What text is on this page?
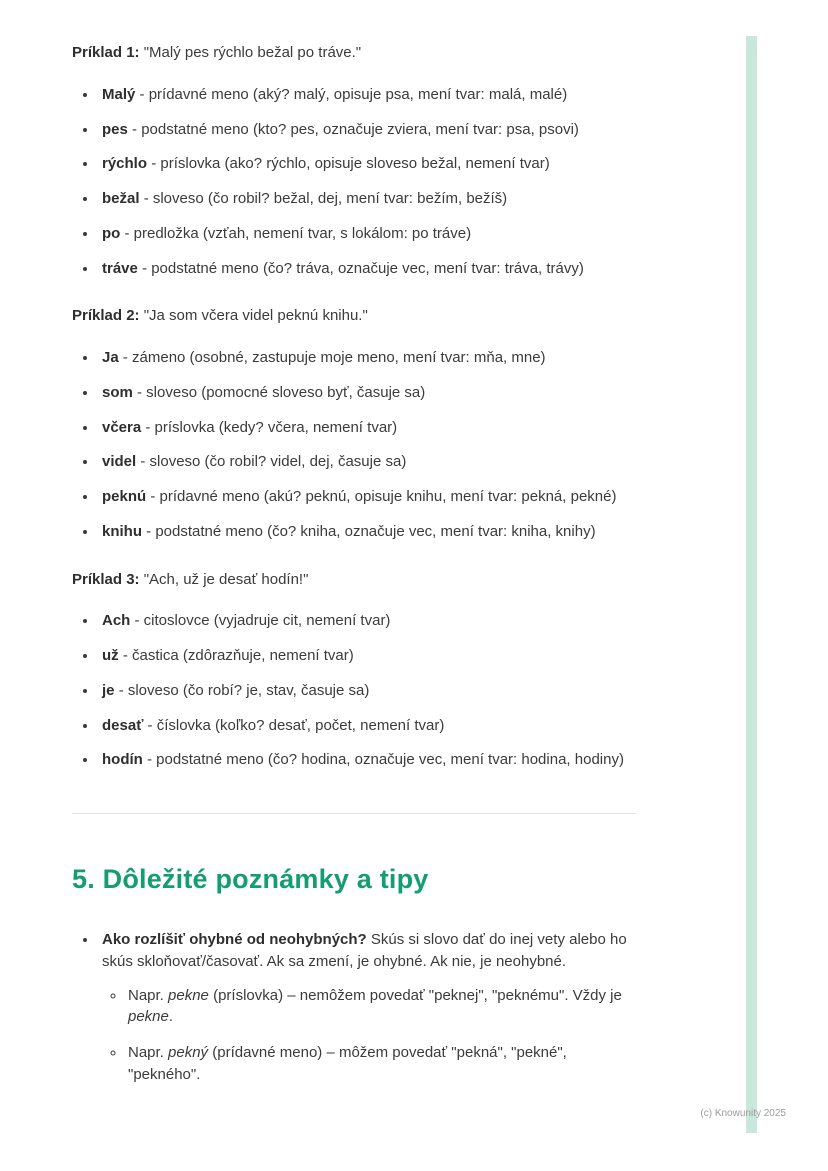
Príklad 1: "Malý pes rýchlo bežal po tráve."

• Malý - prídavné meno (aký? malý, opisuje psa, mení tvar: malá, malé)
• pes - podstatné meno (kto? pes, označuje zviera, mení tvar: psa, psovi)
• rýchlo - príslovka (ako? rýchlo, opisuje sloveso bežal, nemení tvar)
• bežal - sloveso (čo robil? bežal, dej, mení tvar: bežím, bežíš)
• po - predložka (vzťah, nemení tvar, s lokálom: po tráve)
• tráve - podstatné meno (čo? tráva, označuje vec, mení tvar: tráva, trávy)

Príklad 2: "Ja som včera videl peknú knihu."

• Ja - zámeno (osobné, zastupuje moje meno, mení tvar: mňa, mne)
• som - sloveso (pomocné sloveso byť, časuje sa)
• včera - príslovka (kedy? včera, nemení tvar)
• videl - sloveso (čo robil? videl, dej, časuje sa)
• peknú - prídavné meno (akú? peknú, opisuje knihu, mení tvar: pekná, pekné)
• knihu - podstatné meno (čo? kniha, označuje vec, mení tvar: kniha, knihy)

Príklad 3: "Ach, už je desať hodín!"

• Ach - citoslovce (vyjadruje cit, nemení tvar)
• už - častica (zdôrazňuje, nemení tvar)
• je - sloveso (čo robí? je, stav, časuje sa)
• desať - číslovka (koľko? desať, počet, nemení tvar)
• hodín - podstatné meno (čo? hodina, označuje vec, mení tvar: hodina, hodiny)
5. Dôležité poznámky a tipy
• Ako rozlíšiť ohybné od neohybných? Skús si slovo dať do inej vety alebo ho skús skloňovať/časovať. Ak sa zmení, je ohybné. Ak nie, je neohybné.
◦ Napr. pekne (príslovka) – nemôžem povedať "peknej", "peknému". Vždy je pekne.
◦ Napr. pekný (prídavné meno) – môžem povedať "pekná", "pekné", "pekného".
(c) Knowunity 2025
